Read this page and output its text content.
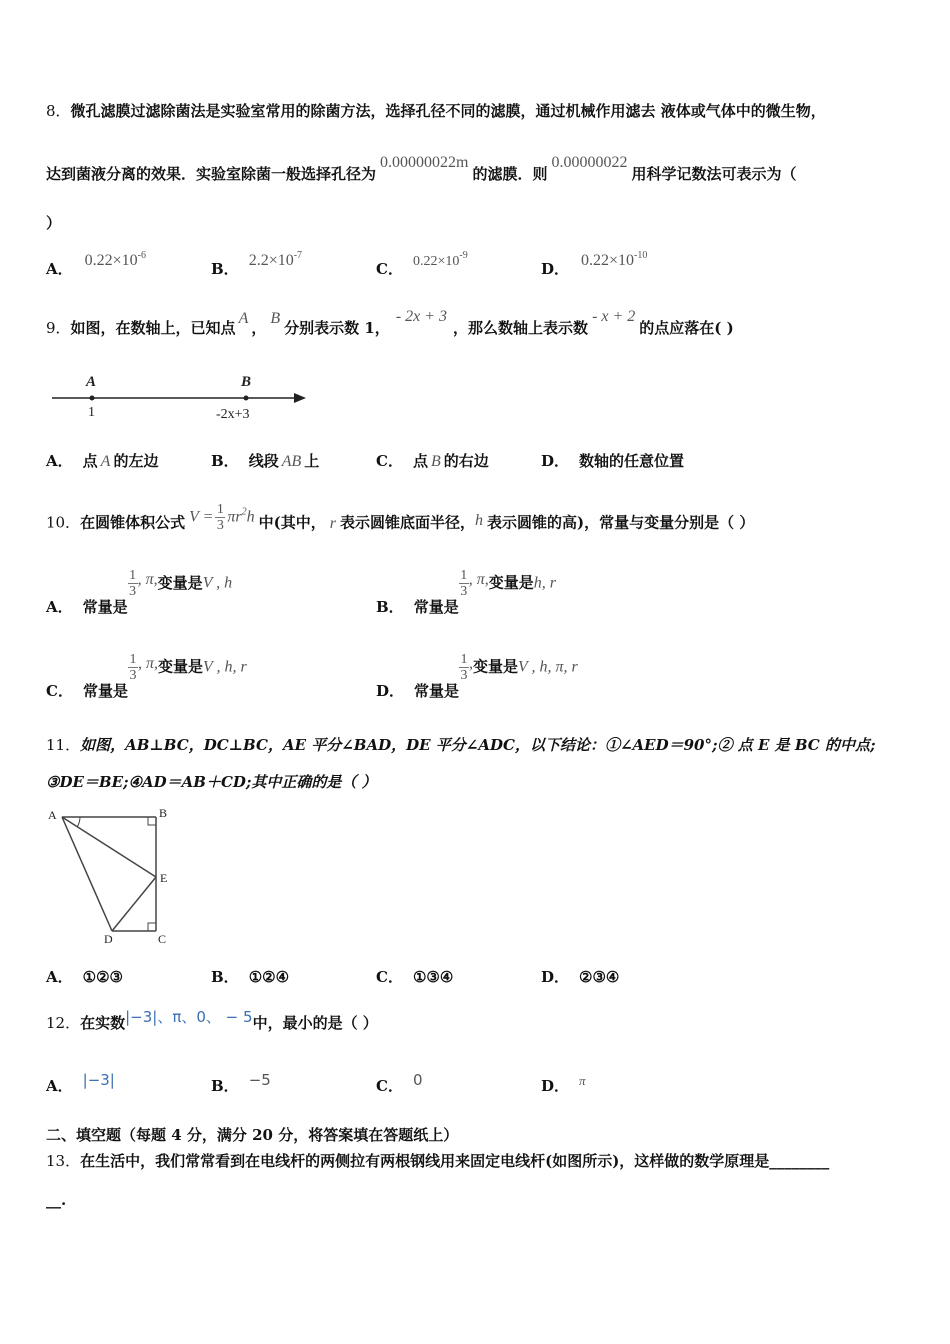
8．微孔滤膜过滤除菌法是实验室常用的除菌方法，选择孔径不同的滤膜，通过机械作用滤去 液体或气体中的微生物，
达到菌液分离的效果．实验室除菌一般选择孔径为0.00000022m的滤膜．则0.00000022用科学记数法可表示为（
）
A． $0.22\times 10^{-6}$
B． $2.2\times 10^{-7}$
C． $0.22\times 10^{-9}$
D． $0.22\times 10^{-10}$
9．如图，在数轴上，已知点A，B分别表示数 1，- 2x + 3，那么数轴上表示数- x + 2的点应落在( )
A	B
1	-2x+3
A． 点 A 的左边	B． 线段 AB 上	C． 点 B 的右边	D． 数轴的任意位置
10．在圆锥体积公式 $V = \frac{1}{3} \pi r^2h$ 中(其中， r 表示圆锥底面半径，h 表示圆锥的高)，常量与变量分别是（ ）
A． 常量是
$\frac{1}{3}$ , π,变量是V , h
B． 常量是
$\frac{1}{3}$ , π,变量是h, r
C． 常量是
$\frac{1}{3}$ , π,变量是V , h, r
D． 常量是
$\frac{1}{3}$ ,变量是V , h, π, r
11．如图，AB⊥BC，DC⊥BC，AE 平分∠BAD，DE 平分∠ADC，以下结论：①∠AED＝90°;② 点 E 是 BC 的中点;
③DE＝BE;④AD＝AB＋CD;其中正确的是（ ）
A	B
E
D	C
A． ①②③	B． ①②④	C． ①③④	D． ②③④
12．在实数|−3|、π、0、 − 5中，最小的是（ ）
A． |−3|	B． −5	C． 0	D． π
二、填空题（每题 4 分，满分 20 分，将答案填在答题纸上）
13．在生活中，我们常常看到在电线杆的两侧拉有两根钢线用来固定电线杆(如图所示)，这样做的数学原理是________
__.
